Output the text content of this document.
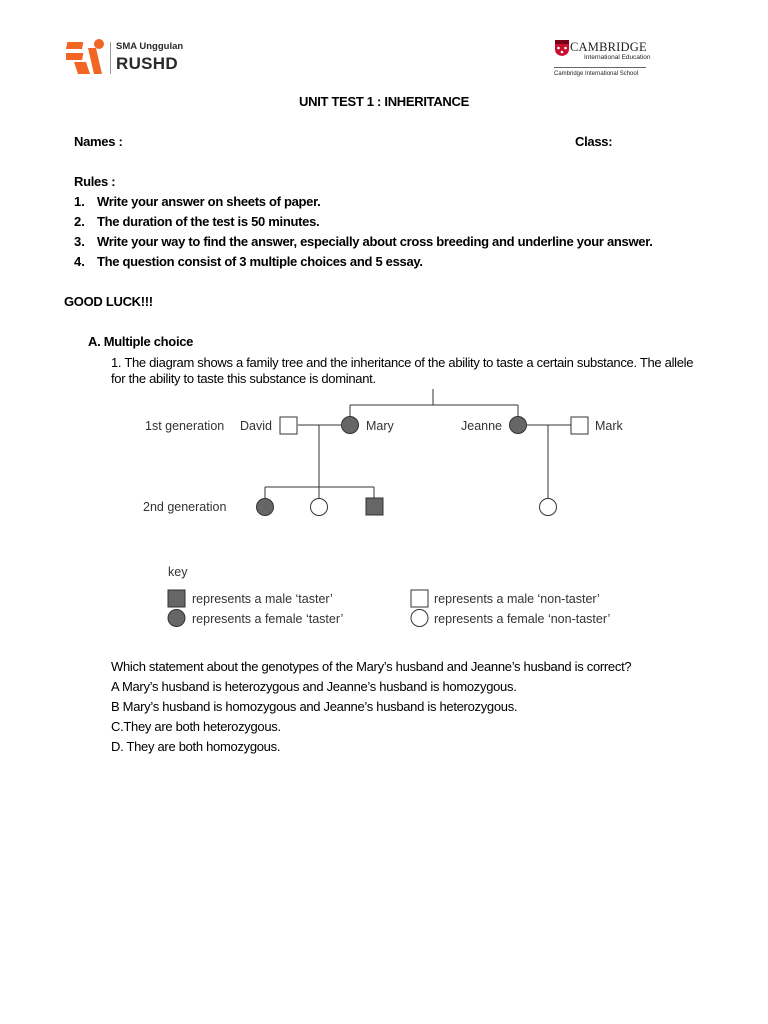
SMA Unggulan
RUSHD
CAMBRIDGE
International Education
Cambridge International School
UNIT TEST 1 : INHERITANCE
Names :	Class:
Rules :
1. Write your answer on sheets of paper.
2. The duration of the test is 50 minutes.
3. Write your way to find the answer, especially about cross breeding and underline your answer.
4. The question consist of 3 multiple choices and 5 essay.
GOOD LUCK!!!
A. Multiple choice
1. The diagram shows a family tree and the inheritance of the ability to taste a certain substance. The allele
for the ability to taste this substance is dominant.
1st generation
2nd generation
David	Mary	Jeanne	Mark
key
represents a male ‘taster’
represents a female ‘taster’
represents a male ‘non-taster’
represents a female ‘non-taster’
Which statement about the genotypes of the Mary’s husband and Jeanne’s husband is correct?
A Mary’s husband is heterozygous and Jeanne’s husband is homozygous.
B Mary’s husband is homozygous and Jeanne’s husband is heterozygous.
C.They are both heterozygous.
D. They are both homozygous.
